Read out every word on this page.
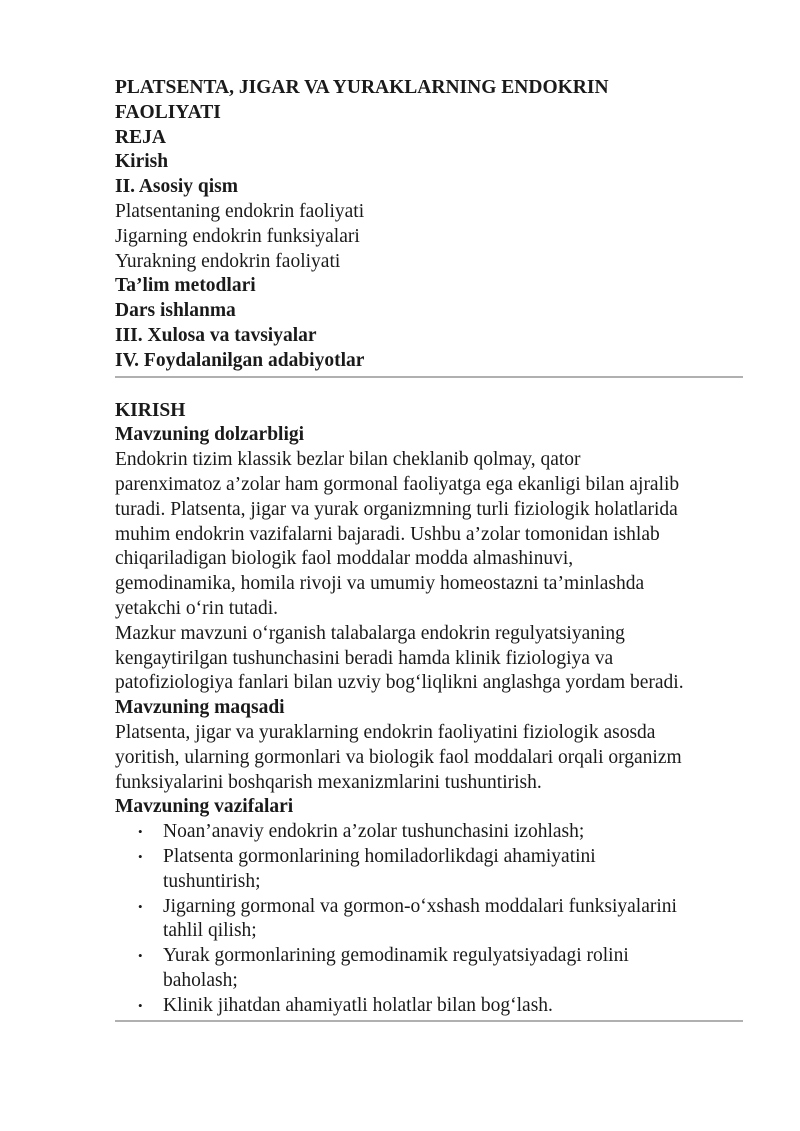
PLATSENTA, JIGAR VA YURAKLARNING ENDOKRIN
FAOLIYATI
REJA
Kirish
II. Asosiy qism
Platsentaning endokrin faoliyati
Jigarning endokrin funksiyalari
Yurakning endokrin faoliyati
Ta’lim metodlari
Dars ishlanma
III. Xulosa va tavsiyalar
IV. Foydalanilgan adabiyotlar
KIRISH
Mavzuning dolzarbligi
Endokrin tizim klassik bezlar bilan cheklanib qolmay, qator
parenximatoz a’zolar ham gormonal faoliyatga ega ekanligi bilan ajralib
turadi. Platsenta, jigar va yurak organizmning turli fiziologik holatlarida
muhim endokrin vazifalarni bajaradi. Ushbu a’zolar tomonidan ishlab
chiqariladigan biologik faol moddalar modda almashinuvi,
gemodinamika, homila rivoji va umumiy homeostazni ta’minlashda
yetakchi o‘rin tutadi.
Mazkur mavzuni o‘rganish talabalarga endokrin regulyatsiyaning
kengaytirilgan tushunchasini beradi hamda klinik fiziologiya va
patofiziologiya fanlari bilan uzviy bog‘liqlikni anglashga yordam beradi.
Mavzuning maqsadi
Platsenta, jigar va yuraklarning endokrin faoliyatini fiziologik asosda
yoritish, ularning gormonlari va biologik faol moddalari orqali organizm
funksiyalarini boshqarish mexanizmlarini tushuntirish.
Mavzuning vazifalari
• Noan’anaviy endokrin a’zolar tushunchasini izohlash;
• Platsenta gormonlarining homiladorlikdagi ahamiyatini
tushuntirish;
• Jigarning gormonal va gormon-o‘xshash moddalari funksiyalarini
tahlil qilish;
• Yurak gormonlarining gemodinamik regulyatsiyadagi rolini
baholash;
• Klinik jihatdan ahamiyatli holatlar bilan bog‘lash.
